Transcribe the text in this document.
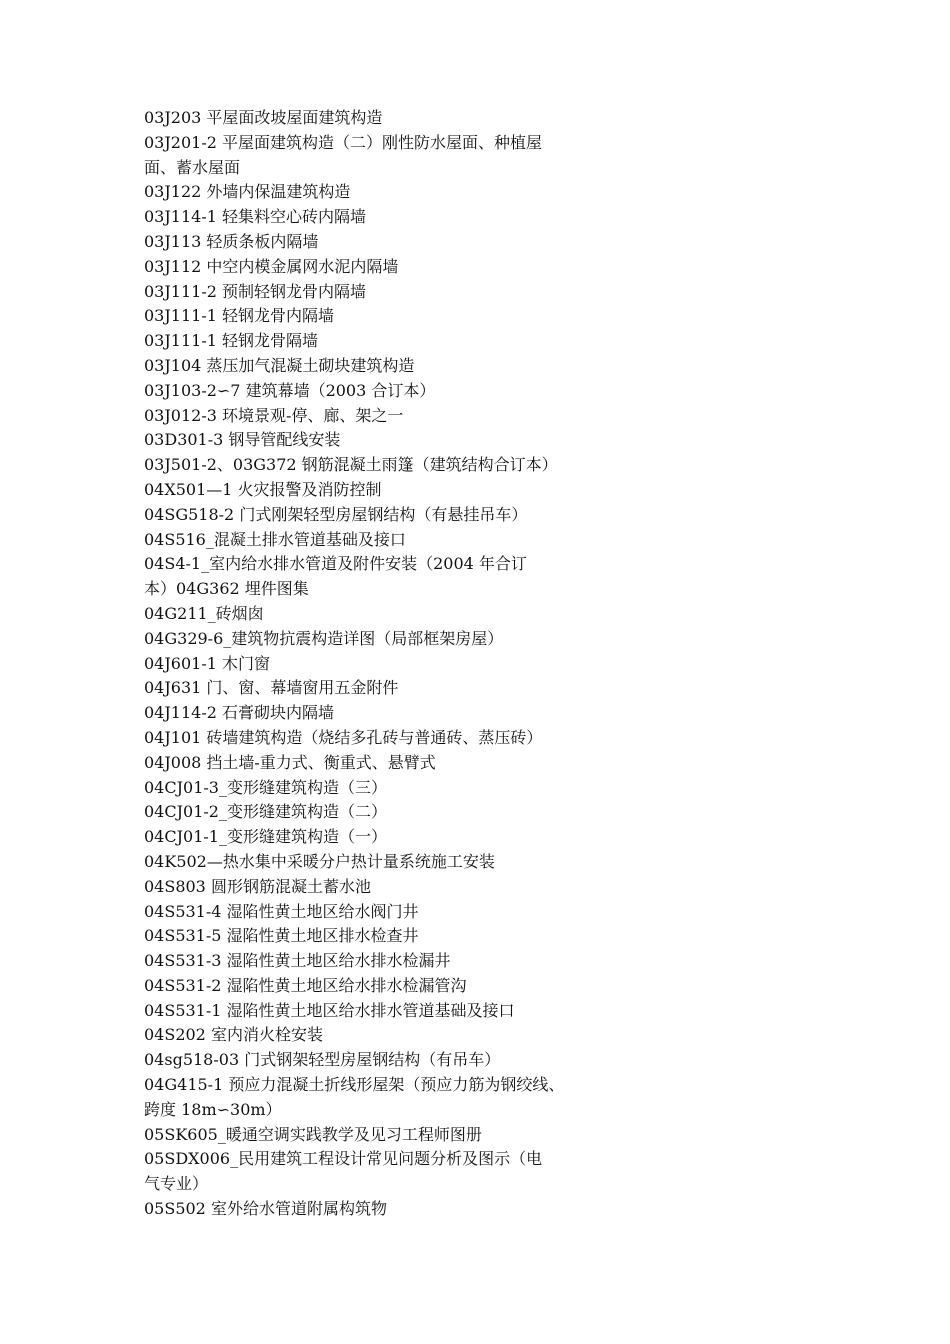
03J203 平屋面改坡屋面建筑构造
03J201-2 平屋面建筑构造（二）刚性防水屋面、种植屋
面、蓄水屋面
03J122 外墙内保温建筑构造
03J114-1 轻集料空心砖内隔墙
03J113 轻质条板内隔墙
03J112 中空内模金属网水泥内隔墙
03J111-2 预制轻钢龙骨内隔墙
03J111-1 轻钢龙骨内隔墙
03J111-1 轻钢龙骨隔墙
03J104 蒸压加气混凝土砌块建筑构造
03J103-2∽7 建筑幕墙（2003 合订本）
03J012-3 环境景观-停、廊、架之一
03D301-3 钢导管配线安装
03J501-2、03G372 钢筋混凝土雨篷（建筑结构合订本）
04X501—1 火灾报警及消防控制
04SG518-2 门式刚架轻型房屋钢结构（有悬挂吊车）
04S516_混凝土排水管道基础及接口
04S4-1_室内给水排水管道及附件安装（2004 年合订
本）04G362 埋件图集
04G211_砖烟囱
04G329-6_建筑物抗震构造详图（局部框架房屋）
04J601-1 木门窗
04J631 门、窗、幕墙窗用五金附件
04J114-2 石膏砌块内隔墙
04J101 砖墙建筑构造（烧结多孔砖与普通砖、蒸压砖）
04J008 挡土墙-重力式、衡重式、悬臂式
04CJ01-3_变形缝建筑构造（三）
04CJ01-2_变形缝建筑构造（二）
04CJ01-1_变形缝建筑构造（一）
04K502—热水集中采暖分户热计量系统施工安装
04S803 圆形钢筋混凝土蓄水池
04S531-4 湿陷性黄土地区给水阀门井
04S531-5 湿陷性黄土地区排水检查井
04S531-3 湿陷性黄土地区给水排水检漏井
04S531-2 湿陷性黄土地区给水排水检漏管沟
04S531-1 湿陷性黄土地区给水排水管道基础及接口
04S202 室内消火栓安装
04sg518-03 门式钢架轻型房屋钢结构（有吊车）
04G415-1 预应力混凝土折线形屋架（预应力筋为钢绞线、
跨度 18m∽30m）
05SK605_暖通空调实践教学及见习工程师图册
05SDX006_民用建筑工程设计常见问题分析及图示（电
气专业）
05S502 室外给水管道附属构筑物
